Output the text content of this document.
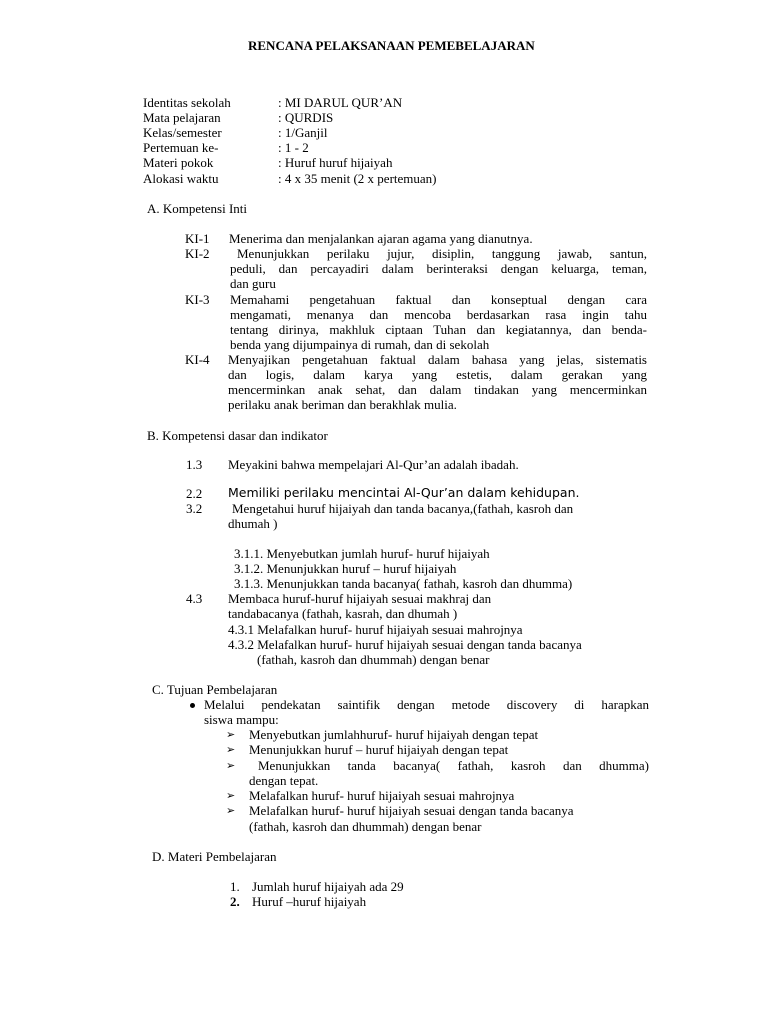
RENCANA PELAKSANAAN PEMEBELAJARAN
Identitas sekolah	: MI DARUL QUR’AN
Mata pelajaran	: QURDIS
Kelas/semester	: 1/Ganjil
Pertemuan ke-	: 1 - 2
Materi pokok	: Huruf huruf hijaiyah
Alokasi waktu	: 4 x 35 menit (2 x pertemuan)
A. Kompetensi Inti
KI-1 Menerima dan menjalankan ajaran agama yang dianutnya.
KI-2 Menunjukkan perilaku jujur, disiplin, tanggung jawab, santun,
peduli, dan percayadiri dalam berinteraksi dengan keluarga, teman,
dan guru
KI-3 Memahami pengetahuan faktual dan konseptual dengan cara
mengamati, menanya dan mencoba berdasarkan rasa ingin tahu
tentang dirinya, makhluk ciptaan Tuhan dan kegiatannya, dan benda-
benda yang dijumpainya di rumah, dan di sekolah
KI-4 Menyajikan pengetahuan faktual dalam bahasa yang jelas, sistematis
dan logis, dalam karya yang estetis, dalam gerakan yang
mencerminkan anak sehat, dan dalam tindakan yang mencerminkan
perilaku anak beriman dan berakhlak mulia.
B. Kompetensi dasar dan indikator
1.3 Meyakini bahwa mempelajari Al-Qur’an adalah ibadah.
2.2 Memiliki perilaku mencintai Al-Qur’an dalam kehidupan.
3.2 Mengetahui huruf hijaiyah dan tanda bacanya,(fathah, kasroh dan
dhumah )
3.1.1. Menyebutkan jumlah huruf- huruf hijaiyah
3.1.2. Menunjukkan huruf – huruf hijaiyah
3.1.3. Menunjukkan tanda bacanya( fathah, kasroh dan dhumma)
4.3 Membaca huruf-huruf hijaiyah sesuai makhraj dan
tandabacanya (fathah, kasrah, dan dhumah )
4.3.1 Melafalkan huruf- huruf hijaiyah sesuai mahrojnya
4.3.2 Melafalkan huruf- huruf hijaiyah sesuai dengan tanda bacanya
(fathah, kasroh dan dhummah) dengan benar
C. Tujuan Pembelajaran
Melalui pendekatan saintifik dengan metode discovery di harapkan
siswa mampu:
➢ Menyebutkan jumlahhuruf- huruf hijaiyah dengan tepat
➢ Menunjukkan huruf – huruf hijaiyah dengan tepat
➢ Menunjukkan tanda bacanya( fathah, kasroh dan dhumma)
dengan tepat.
➢ Melafalkan huruf- huruf hijaiyah sesuai mahrojnya
➢ Melafalkan huruf- huruf hijaiyah sesuai dengan tanda bacanya
(fathah, kasroh dan dhummah) dengan benar
D. Materi Pembelajaran
1. Jumlah huruf hijaiyah ada 29
2. Huruf –huruf hijaiyah
